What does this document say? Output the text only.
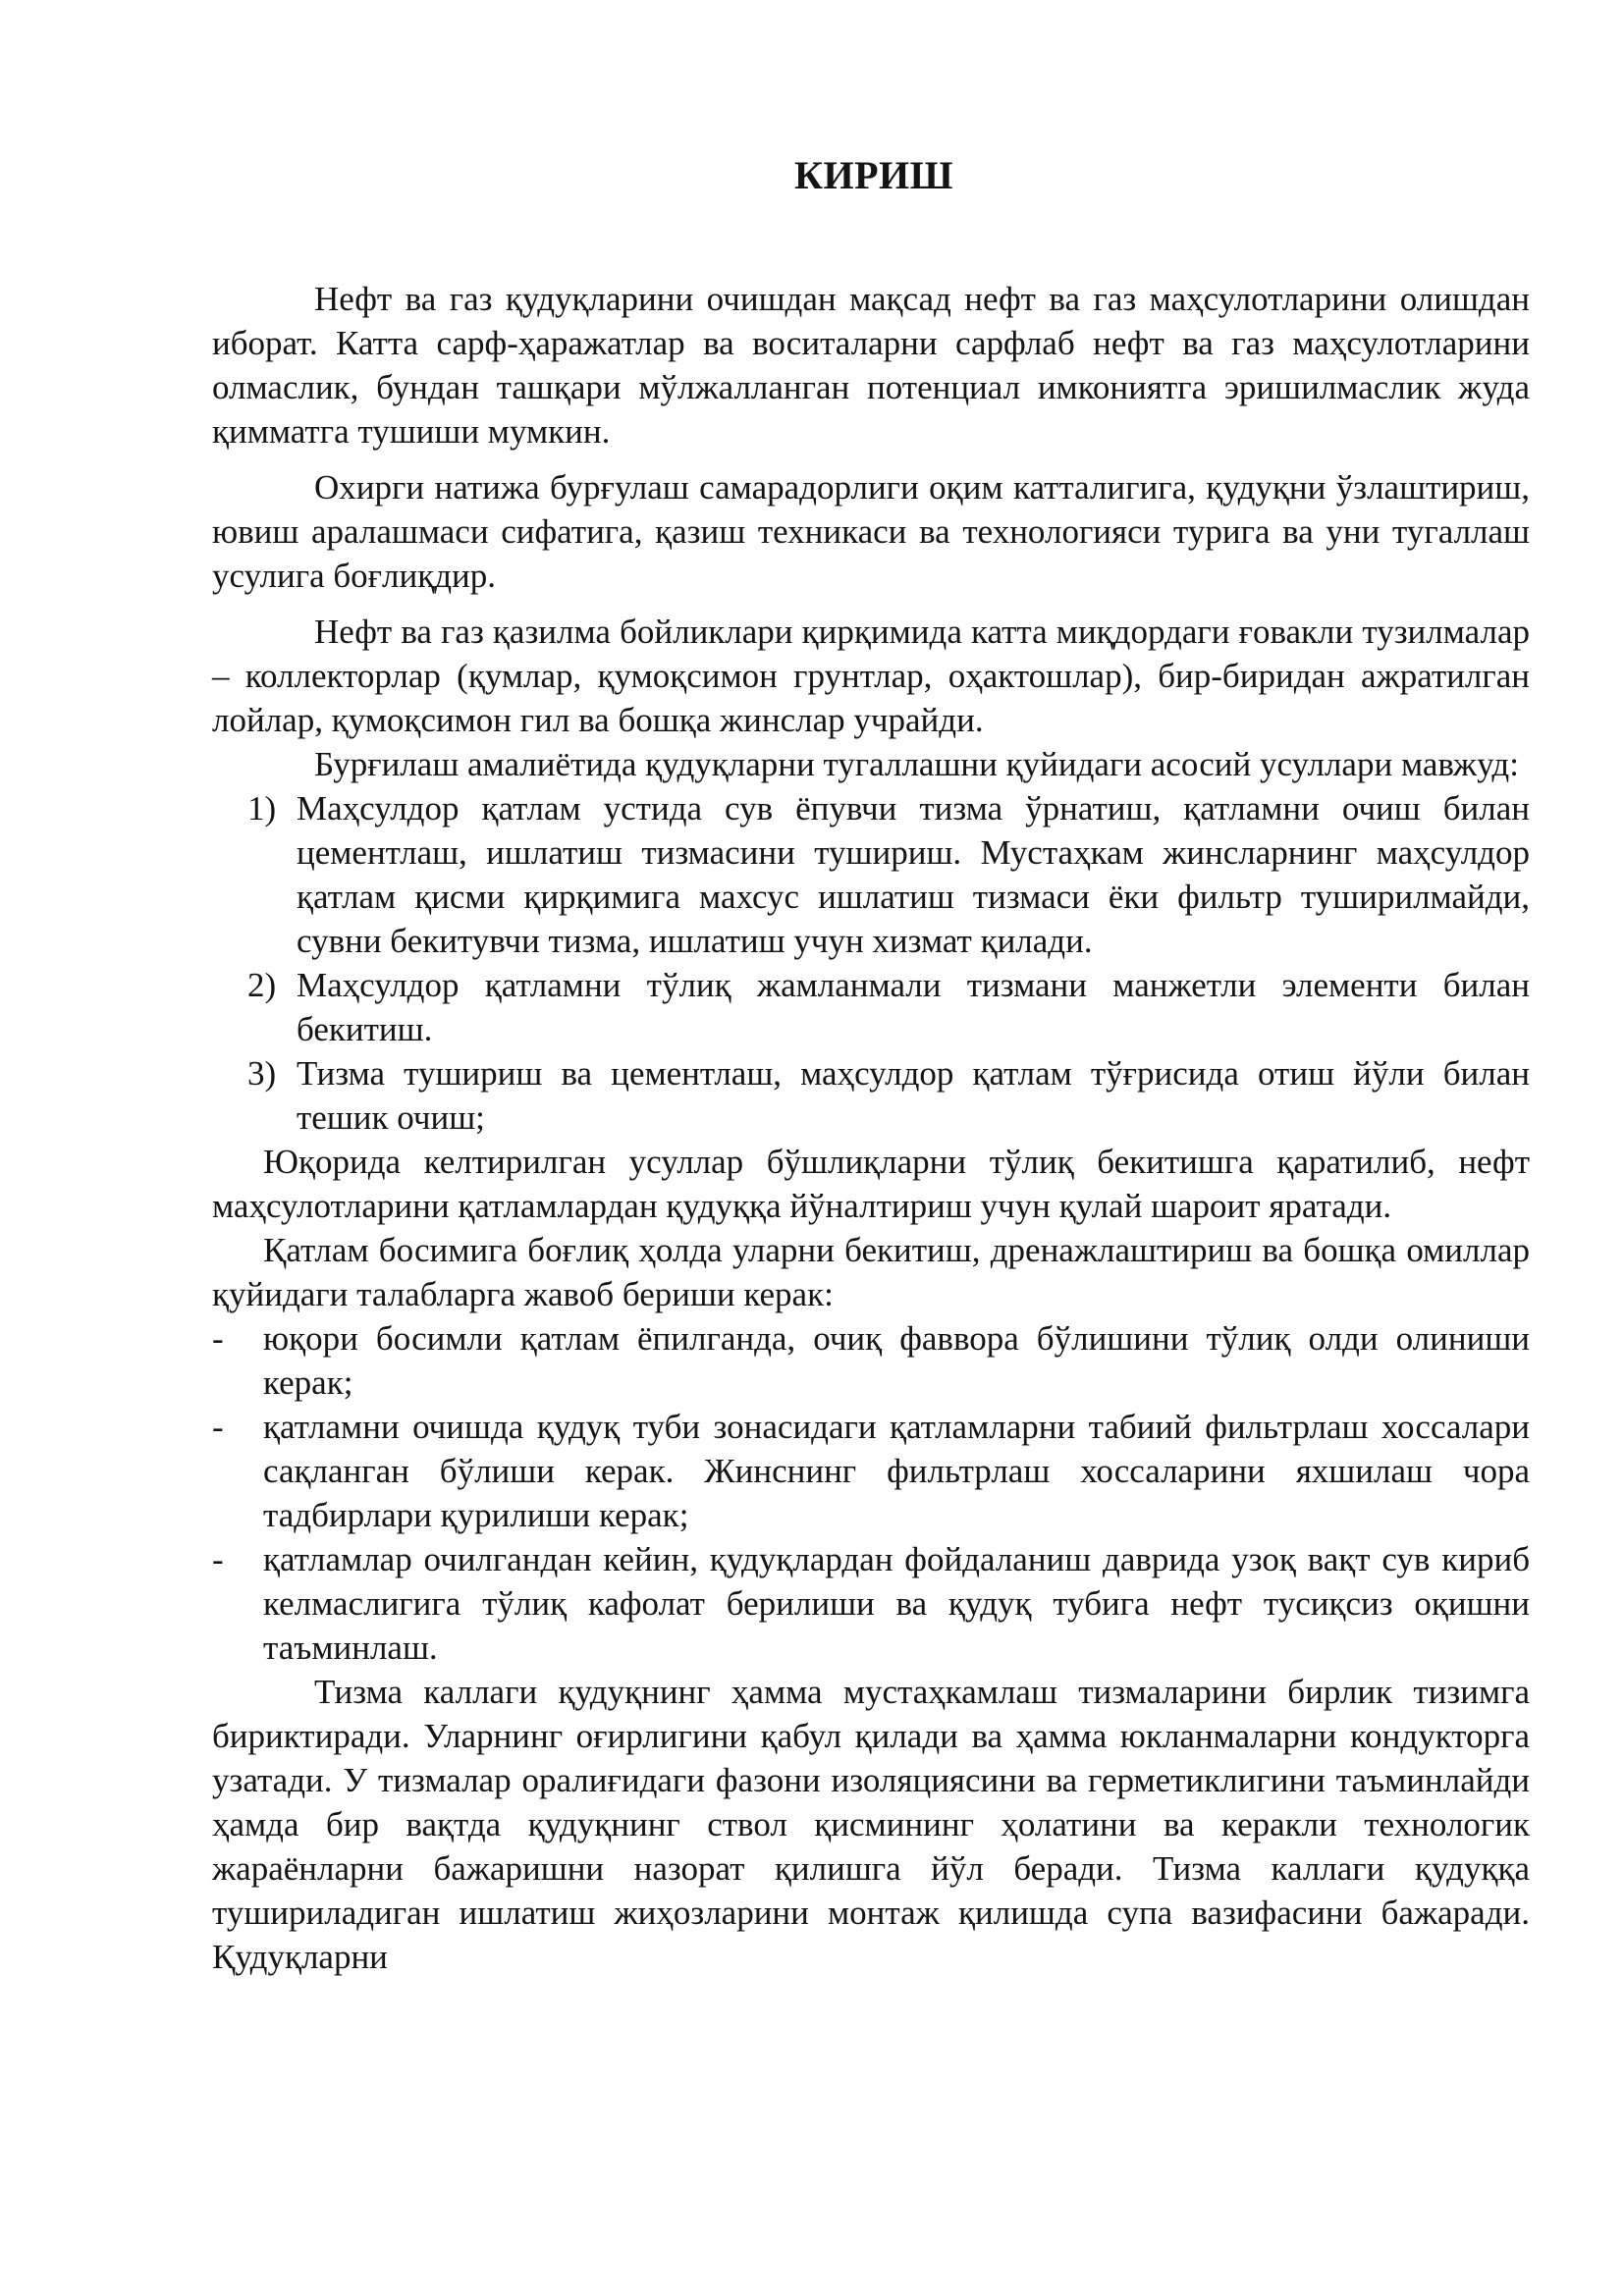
КИРИШ

Нефт ва газ қудуқларини очишдан мақсад нефт ва газ маҳсулотларини олишдан иборат. Катта сарф-ҳаражатлар ва воситаларни сарфлаб нефт ва газ маҳсулотларини олмаслик, бундан ташқари мўлжалланган потенциал имкониятга эришилмаслик жуда қимматга тушиши мумкин.

Охирги натижа бурғулаш самарадорлиги оқим катталигига, қудуқни ўзлаштириш, ювиш аралашмаси сифатига, қазиш техникаси ва технологияси турига ва уни тугаллаш усулига боғлиқдир.

Нефт ва газ қазилма бойликлари қирқимида катта миқдордаги ғовакли тузилмалар – коллекторлар (қумлар, қумоқсимон грунтлар, оҳактошлар), бир-биридан ажратилган лойлар, қумоқсимон гил ва бошқа жинслар учрайди.

Бурғилаш амалиётида қудуқларни тугаллашни қуйидаги асосий усуллари мавжуд:

1) Маҳсулдор қатлам устида сув ёпувчи тизма ўрнатиш, қатламни очиш билан цементлаш, ишлатиш тизмасини тушириш. Мустаҳкам жинсларнинг маҳсулдор қатлам қисми қирқимига махсус ишлатиш тизмаси ёки фильтр туширилмайди, сувни бекитувчи тизма, ишлатиш учун хизмат қилади.
2) Маҳсулдор қатламни тўлиқ жамланмали тизмани манжетли элементи билан бекитиш.
3) Тизма тушириш ва цементлаш, маҳсулдор қатлам тўғрисида отиш йўли билан тешик очиш;

Юқорида келтирилган усуллар бўшлиқларни тўлиқ бекитишга қаратилиб, нефт маҳсулотларини қатламлардан қудуққа йўналтириш учун қулай шароит яратади.

Қатлам босимига боғлиқ ҳолда уларни бекитиш, дренажлаштириш ва бошқа омиллар қуйидаги талабларга жавоб бериши керак:

- юқори босимли қатлам ёпилганда, очиқ фаввора бўлишини тўлиқ олди олиниши керак;
- қатламни очишда қудуқ туби зонасидаги қатламларни табиий фильтрлаш хоссалари сақланган бўлиши керак. Жинснинг фильтрлаш хоссаларини яхшилаш чора тадбирлари қурилиши керак;
- қатламлар очилгандан кейин, қудуқлардан фойдаланиш даврида узоқ вақт сув кириб келмаслигига тўлиқ кафолат берилиши ва қудуқ тубига нефт тусиқсиз оқишни таъминлаш.

Тизма каллаги қудуқнинг ҳамма мустаҳкамлаш тизмаларини бирлик тизимга бириктиради. Уларнинг оғирлигини қабул қилади ва ҳамма юкланмаларни кондукторга узатади. У тизмалар оралиғидаги фазони изоляциясини ва герметиклигини таъминлайди ҳамда бир вақтда қудуқнинг ствол қисмининг ҳолатини ва керакли технологик жараёнларни бажаришни назорат қилишга йўл беради. Тизма каллаги қудуққа тушириладиган ишлатиш жиҳозларини монтаж қилишда супа вазифасини бажаради. Қудуқларни
